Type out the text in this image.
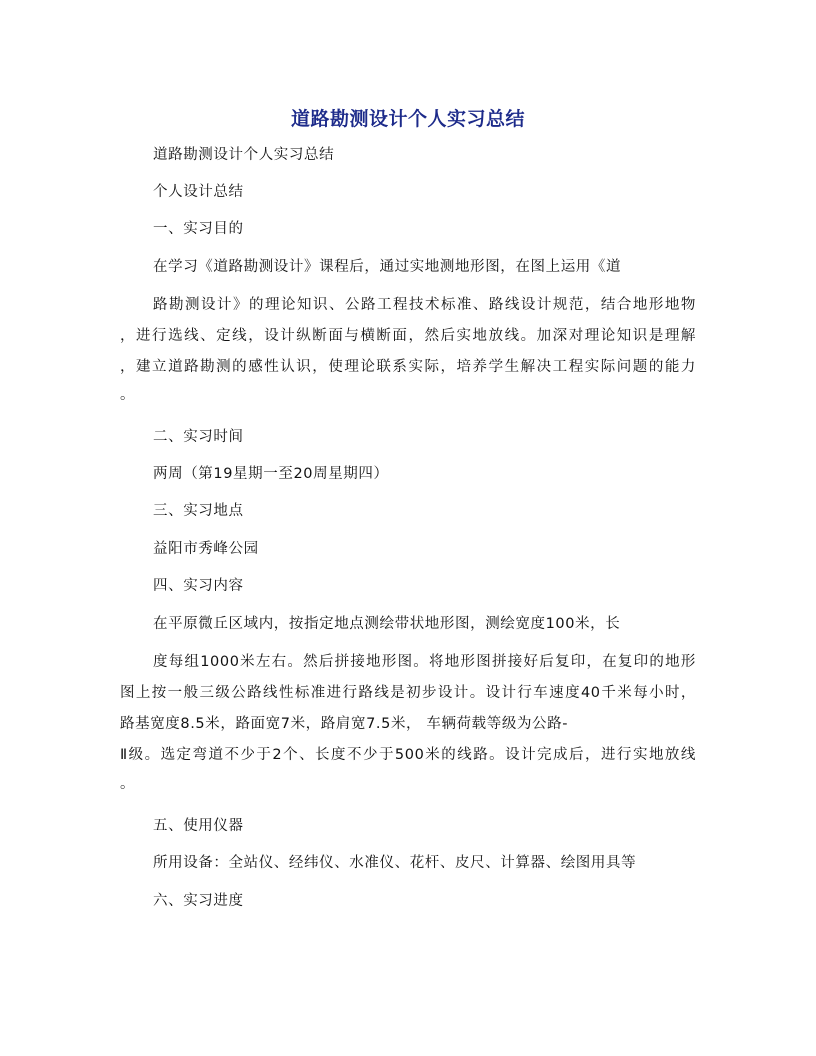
道路勘测设计个人实习总结
道路勘测设计个人实习总结
个人设计总结
一、实习目的
在学习《道路勘测设计》课程后，通过实地测地形图，在图上运用《道
路勘测设计》的理论知识、公路工程技术标准、路线设计规范，结合地形地物
，进行选线、定线，设计纵断面与横断面，然后实地放线。加深对理论知识是理解
，建立道路勘测的感性认识，使理论联系实际，培养学生解决工程实际问题的能力
。
二、实习时间
两周（第19星期一至20周星期四）
三、实习地点
益阳市秀峰公园
四、实习内容
在平原微丘区域内，按指定地点测绘带状地形图，测绘宽度100米，长
度每组1000米左右。然后拼接地形图。将地形图拼接好后复印，在复印的地形
图上按一般三级公路线性标准进行路线是初步设计。设计行车速度40千米每小时，
路基宽度8.5米，路面宽7米，路肩宽7.5米， 车辆荷载等级为公路-
Ⅱ级。选定弯道不少于2个、长度不少于500米的线路。设计完成后，进行实地放线
。
五、使用仪器
所用设备：全站仪、经纬仪、水准仪、花杆、皮尺、计算器、绘图用具等
六、实习进度
